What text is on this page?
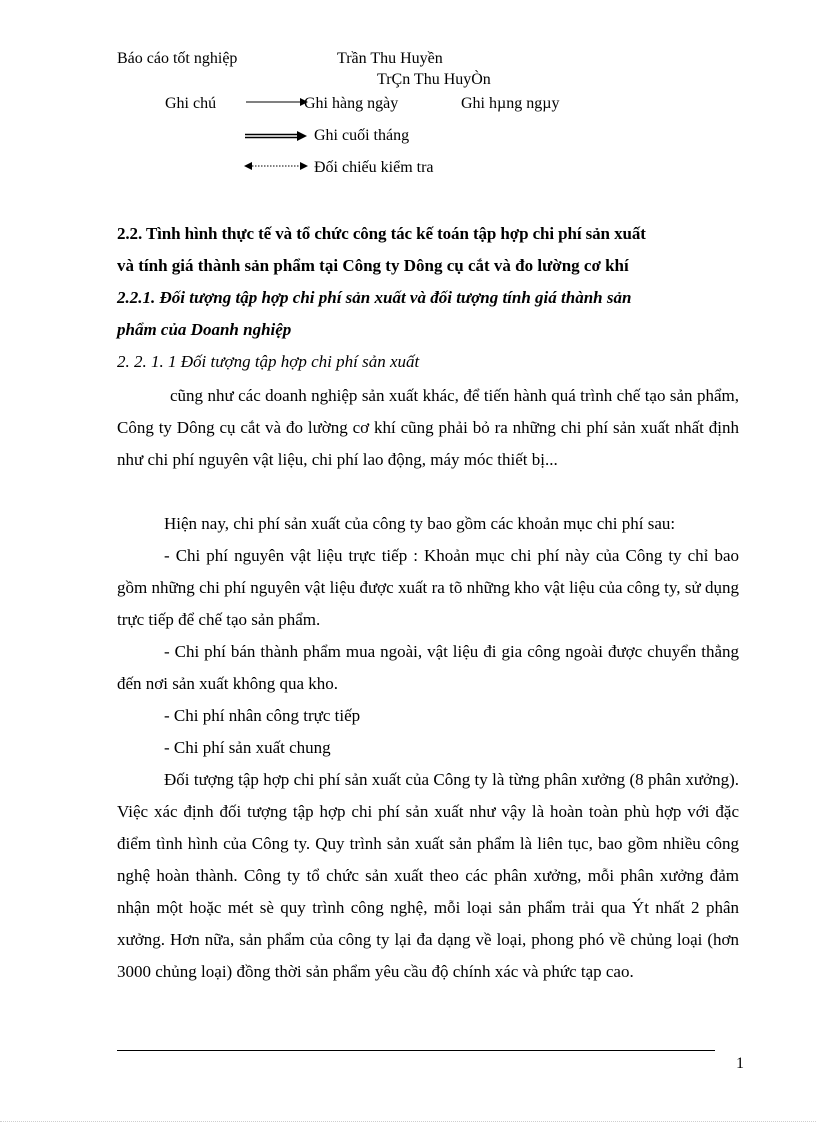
Báo cáo tốt nghiệp	Trần Thu Huyền
TrÇn Thu HuyÒn
Ghi chú	Ghi hàng ngày	Ghi hµng ngµy
Ghi cuối tháng
Đối chiếu kiểm tra
2.2. Tình hình thực tế và tổ chức công tác kế toán tập hợp chi phí sản xuất
và tính giá thành sản phẩm tại Công ty Dông cụ cắt và đo lường cơ khí
2.2.1. Đối tượng tập hợp chi phí sản xuất và đối tượng tính giá thành sản
phẩm của Doanh nghiệp
2. 2. 1. 1 Đối tượng tập hợp chi phí sản xuất
cũng như các doanh nghiệp sản xuất khác, để tiến hành quá trình chế tạo sản phẩm, Công ty Dông cụ cắt và đo lường cơ khí cũng phải bỏ ra những chi phí sản xuất nhất định như chi phí nguyên vật liệu, chi phí lao động, máy móc thiết bị...
Hiện nay, chi phí sản xuất của công ty bao gồm các khoản mục chi phí sau:
- Chi phí nguyên vật liệu trực tiếp : Khoản mục chi phí này của Công ty chỉ bao gồm những chi phí nguyên vật liệu được xuất ra tõ những kho vật liệu của công ty, sử dụng trực tiếp để chế tạo sản phẩm.
- Chi phí bán thành phẩm mua ngoài, vật liệu đi gia công ngoài được chuyển thẳng đến nơi sản xuất không qua kho.
- Chi phí nhân công trực tiếp
- Chi phí sản xuất chung
Đối tượng tập hợp chi phí sản xuất của Công ty là từng phân xưởng (8 phân xưởng). Việc xác định đối tượng tập hợp chi phí sản xuất như vậy là hoàn toàn phù hợp với đặc điểm tình hình của Công ty. Quy trình sản xuất sản phẩm là liên tục, bao gồm nhiều công nghệ hoàn thành. Công ty tổ chức sản xuất theo các phân xưởng, mỗi phân xưởng đảm nhận một hoặc mét sè quy trình công nghệ, mỗi loại sản phẩm trải qua Ýt nhất 2 phân xưởng. Hơn nữa, sản phẩm của công ty lại đa dạng về loại, phong phó về chủng loại (hơn 3000 chủng loại) đồng thời sản phẩm yêu cầu độ chính xác và phức tạp cao.
1
